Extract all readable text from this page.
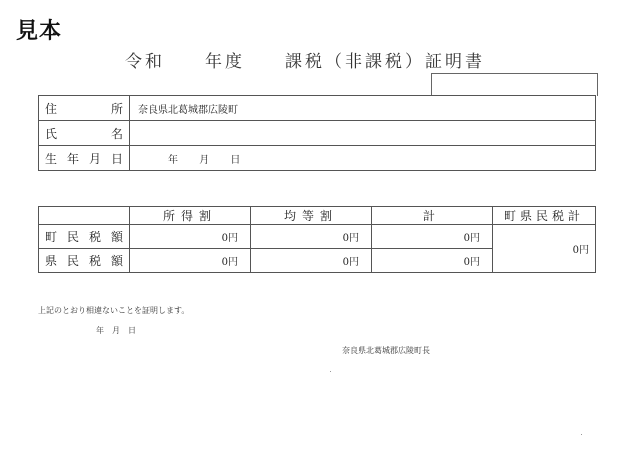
見本
令和　　年度　　課税（非課税）証明書
住 所	奈良県北葛城郡広陵町

氏 名	

生 年 月 日	年 月 日
	所得割	均等割	計	町県民税計

町 民 税 額	0円	0円	0円	0円

県 民 税 額	0円	0円	0円	
上記のとおり相違ないことを証明します。
年　月　日
奈良県北葛城郡広陵町長
